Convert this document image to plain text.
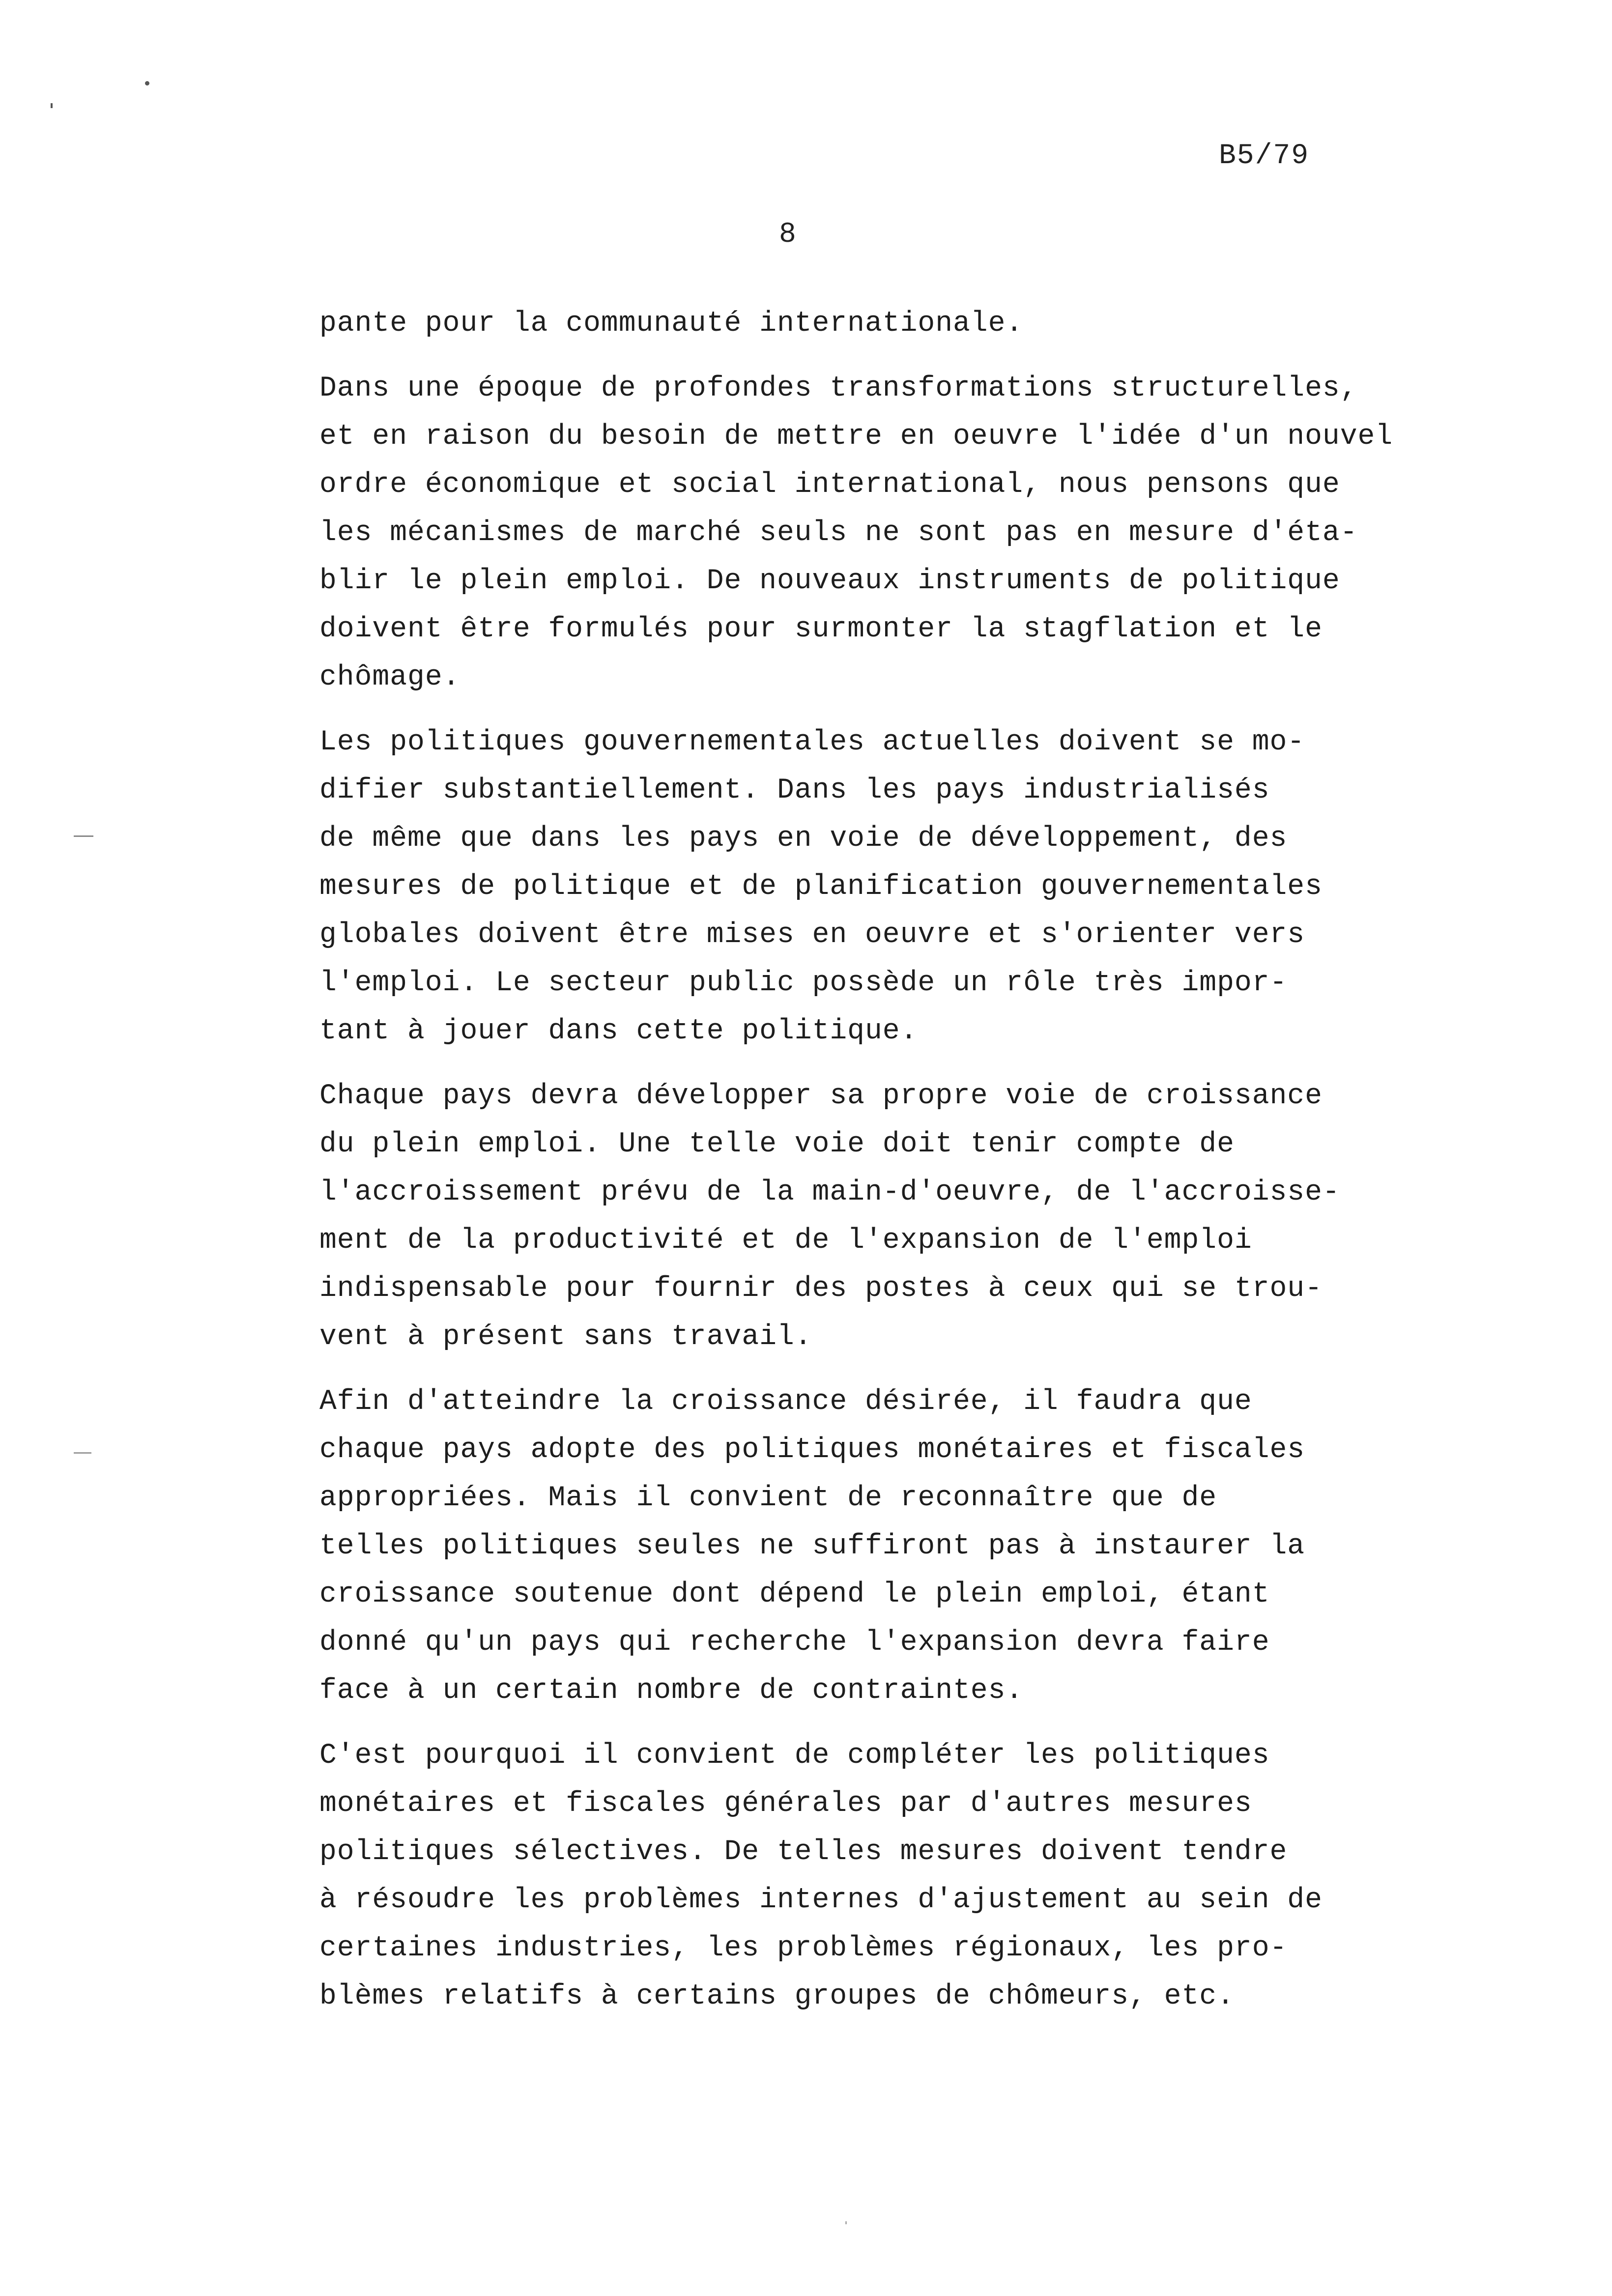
B5/79
8
pante pour la communauté internationale.
Dans une époque de profondes transformations structurelles,
et en raison du besoin de mettre en oeuvre l'idée d'un nouvel
ordre économique et social international, nous pensons que
les mécanismes de marché seuls ne sont pas en mesure d'éta-
blir le plein emploi. De nouveaux instruments de politique
doivent être formulés pour surmonter la stagflation et le
chômage.
Les politiques gouvernementales actuelles doivent se mo-
difier substantiellement. Dans les pays industrialisés
de même que dans les pays en voie de développement, des
mesures de politique et de planification gouvernementales
globales doivent être mises en oeuvre et s'orienter vers
l'emploi. Le secteur public possède un rôle très impor-
tant à jouer dans cette politique.
Chaque pays devra développer sa propre voie de croissance
du plein emploi. Une telle voie doit tenir compte de
l'accroissement prévu de la main-d'oeuvre, de l'accroisse-
ment de la productivité et de l'expansion de l'emploi
indispensable pour fournir des postes à ceux qui se trou-
vent à présent sans travail.
Afin d'atteindre la croissance désirée, il faudra que
chaque pays adopte des politiques monétaires et fiscales
appropriées. Mais il convient de reconnaître que de
telles politiques seules ne suffiront pas à instaurer la
croissance soutenue dont dépend le plein emploi, étant
donné qu'un pays qui recherche l'expansion devra faire
face à un certain nombre de contraintes.
C'est pourquoi il convient de compléter les politiques
monétaires et fiscales générales par d'autres mesures
politiques sélectives. De telles mesures doivent tendre
à résoudre les problèmes internes d'ajustement au sein de
certaines industries, les problèmes régionaux, les pro-
blèmes relatifs à certains groupes de chômeurs, etc.
